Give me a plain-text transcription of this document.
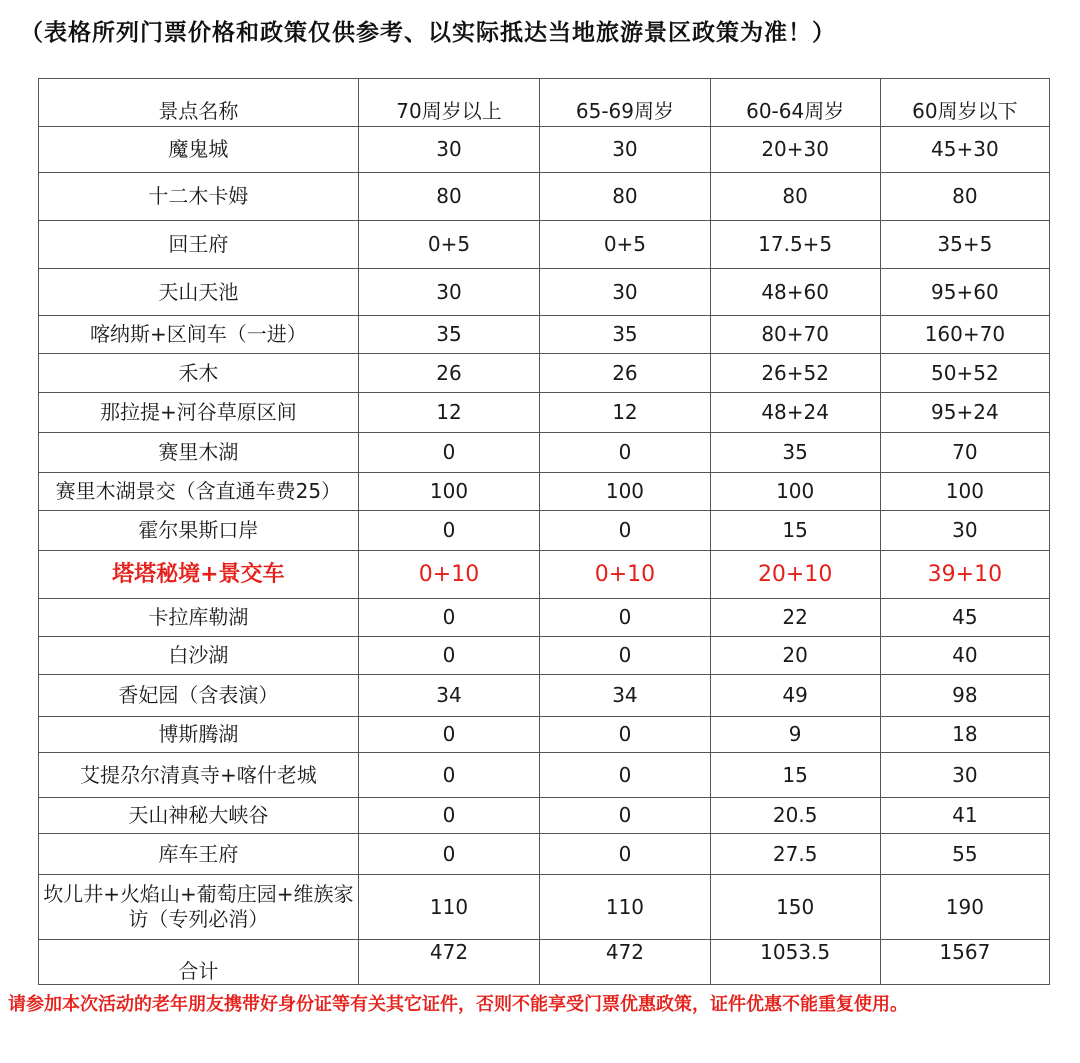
（表格所列门票价格和政策仅供参考、以实际抵达当地旅游景区政策为准！）
景点名称	70周岁以上	65-69周岁	60-64周岁	60周岁以下
魔鬼城	30	30	20+30	45+30
十二木卡姆	80	80	80	80
回王府	0+5	0+5	17.5+5	35+5
天山天池	30	30	48+60	95+60
喀纳斯+区间车（一进）	35	35	80+70	160+70
禾木	26	26	26+52	50+52
那拉提+河谷草原区间	12	12	48+24	95+24
赛里木湖	0	0	35	70
赛里木湖景交（含直通车费25）	100	100	100	100
霍尔果斯口岸	0	0	15	30
塔塔秘境+景交车	0+10	0+10	20+10	39+10
卡拉库勒湖	0	0	22	45
白沙湖	0	0	20	40
香妃园（含表演）	34	34	49	98
博斯腾湖	0	0	9	18
艾提尕尔清真寺+喀什老城	0	0	15	30
天山神秘大峡谷	0	0	20.5	41
库车王府	0	0	27.5	55
坎儿井+火焰山+葡萄庄园+维族家访（专列必消）	110	110	150	190
合计	472	472	1053.5	1567
请参加本次活动的老年朋友携带好身份证等有关其它证件，否则不能享受门票优惠政策，证件优惠不能重复使用。
